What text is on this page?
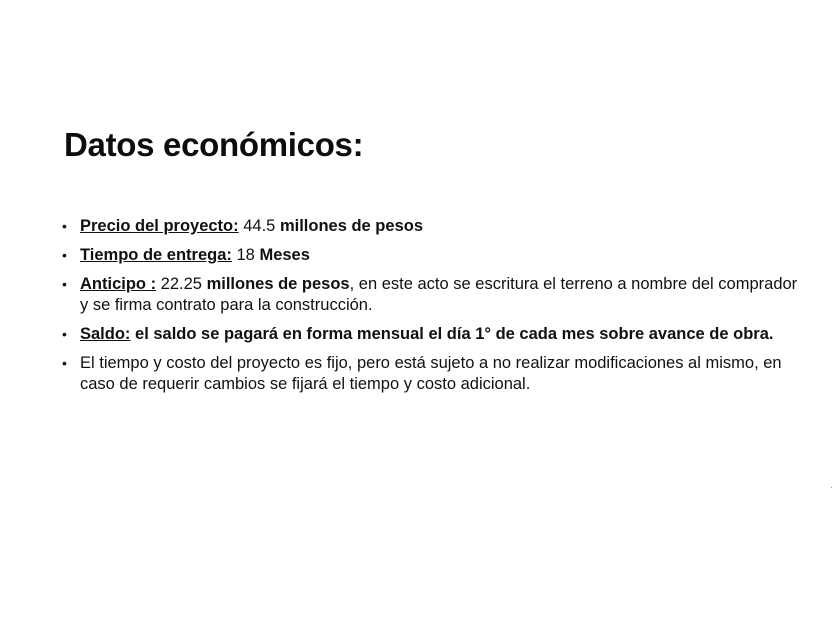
Datos económicos:
• Precio del proyecto: 44.5 millones de pesos
• Tiempo de entrega: 18 Meses
• Anticipo : 22.25 millones de pesos, en este acto se escritura el terreno a nombre del comprador y se firma contrato para la construcción.
• Saldo: el saldo se pagará en forma mensual el día 1° de cada mes sobre avance de obra.
• El tiempo y costo del proyecto es fijo, pero está sujeto a no realizar modificaciones al mismo, en caso de requerir cambios se fijará el tiempo y costo adicional.
